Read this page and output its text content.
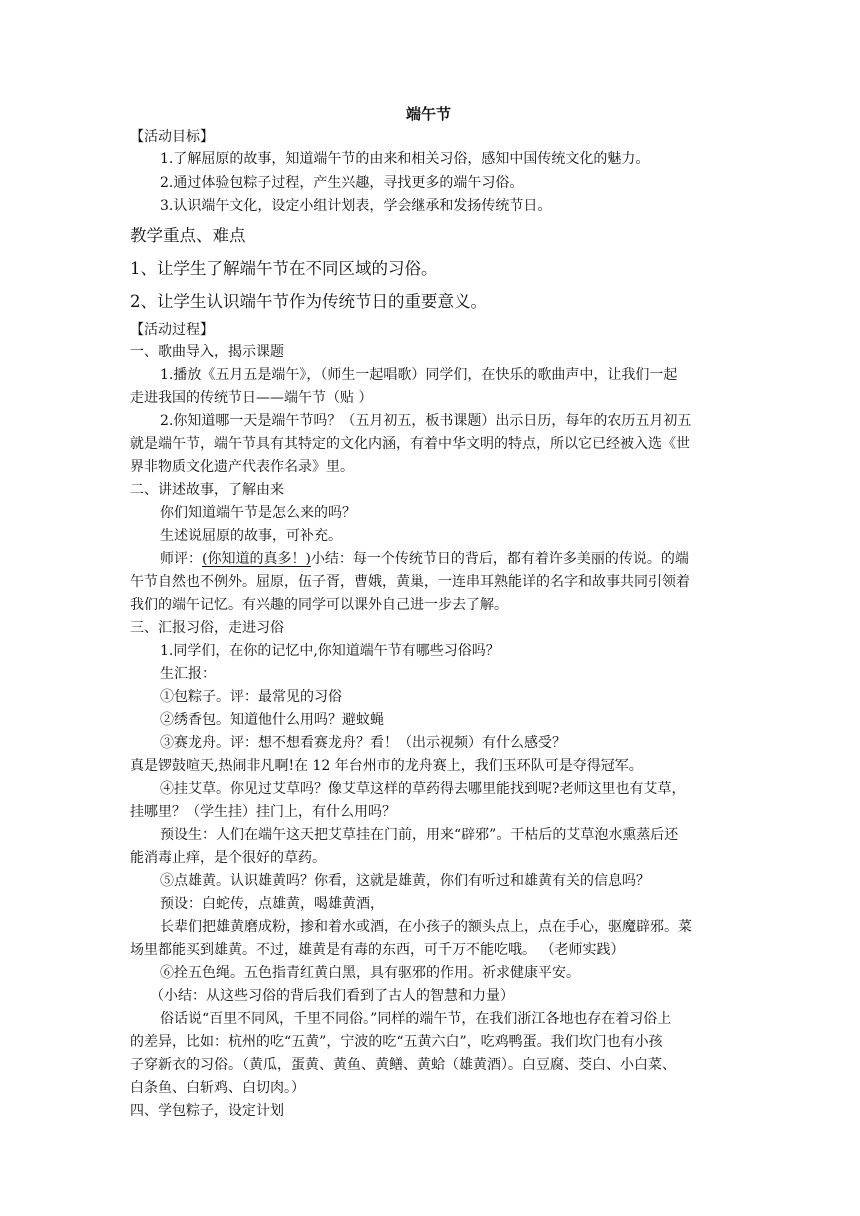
端午节
【活动目标】
1.了解屈原的故事，知道端午节的由来和相关习俗，感知中国传统文化的魅力。
2.通过体验包粽子过程，产生兴趣，寻找更多的端午习俗。
3.认识端午文化，设定小组计划表，学会继承和发扬传统节日。
教学重点、难点
1、让学生了解端午节在不同区域的习俗。
2、让学生认识端午节作为传统节日的重要意义。
【活动过程】
一、歌曲导入，揭示课题
1.播放《五月五是端午》，（师生一起唱歌）同学们，在快乐的歌曲声中，让我们一起
走进我国的传统节日——端午节（贴 ）
2.你知道哪一天是端午节吗？（五月初五，板书课题）出示日历，每年的农历五月初五
就是端午节，端午节具有其特定的文化内涵，有着中华文明的特点，所以它已经被入选《世
界非物质文化遗产代表作名录》里。
二、讲述故事，了解由来
你们知道端午节是怎么来的吗？
生述说屈原的故事，可补充。
师评：(你知道的真多！)小结：每一个传统节日的背后，都有着许多美丽的传说。的端
午节自然也不例外。屈原，伍子胥，曹娥，黄巢，一连串耳熟能详的名字和故事共同引领着
我们的端午记忆。有兴趣的同学可以课外自己进一步去了解。
三、汇报习俗，走进习俗
1.同学们，在你的记忆中,你知道端午节有哪些习俗吗？
生汇报：
①包粽子。评：最常见的习俗
②绣香包。知道他什么用吗？避蚊蝇
③赛龙舟。评：想不想看赛龙舟？看！（出示视频）有什么感受？
真是锣鼓喧天,热闹非凡啊!在 12 年台州市的龙舟赛上，我们玉环队可是夺得冠军。
④挂艾草。你见过艾草吗？像艾草这样的草药得去哪里能找到呢?老师这里也有艾草，
挂哪里？（学生挂）挂门上，有什么用吗？
预设生：人们在端午这天把艾草挂在门前，用来“辟邪”。干枯后的艾草泡水熏蒸后还
能消毒止痒，是个很好的草药。
⑤点雄黄。认识雄黄吗？你看，这就是雄黄，你们有听过和雄黄有关的信息吗？
预设：白蛇传，点雄黄，喝雄黄酒，
长辈们把雄黄磨成粉，掺和着水或酒，在小孩子的额头点上，点在手心，驱魔辟邪。菜
场里都能买到雄黄。不过，雄黄是有毒的东西，可千万不能吃哦。 （老师实践）
⑥拴五色绳。五色指青红黄白黑，具有驱邪的作用。祈求健康平安。
（小结：从这些习俗的背后我们看到了古人的智慧和力量）
俗话说“百里不同风，千里不同俗。”同样的端午节，在我们浙江各地也存在着习俗上
的差异，比如：杭州的吃“五黄”，宁波的吃“五黄六白”，吃鸡鸭蛋。我们坎门也有小孩
子穿新衣的习俗。（黄瓜，蛋黄、黄鱼、黄鳝、黄蛤（雄黄酒）。白豆腐、茭白、小白菜、
白条鱼、白斩鸡、白切肉。）
四、学包粽子，设定计划
